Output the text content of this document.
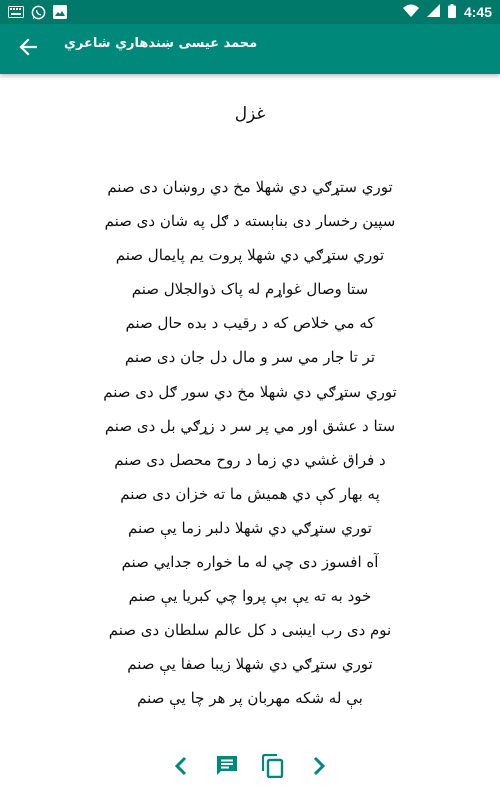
4:45
محمد عيسى ښندهاري شاعري
غزل
توري ستړګي دي شهلا مخ دي روښان دی صنم
سپين رخسار دی بناېسته د ګل په شان دی صنم
توري ستړګي دي شهلا پروت يم پايمال صنم
ستا وصال غواړم له پاک ذوالجلال صنم
که مي خلاص که د رقيب د بده حال صنم
تر تا جار مي سر و مال دل جان دی صنم
توري ستړګي دي شهلا مخ دي سور ګل دی صنم
ستا د عشق اور مي پر سر د زړګي بل دی صنم
د فراق غشي دي زما د روح محصل دی صنم
په بهار کې دي هميش ما ته خزان دی صنم
توري ستړګي دي شهلا دلبر زما يې صنم
آه افسوز دی چي له ما خواره جدايي صنم
خود به ته يې بې پروا چي کبريا يې صنم
نوم دی رب ايښی د کل عالم سلطان دی صنم
توري ستړګي دي شهلا زيبا صفا يې صنم
بې له شکه مهربان پر هر چا يې صنم
